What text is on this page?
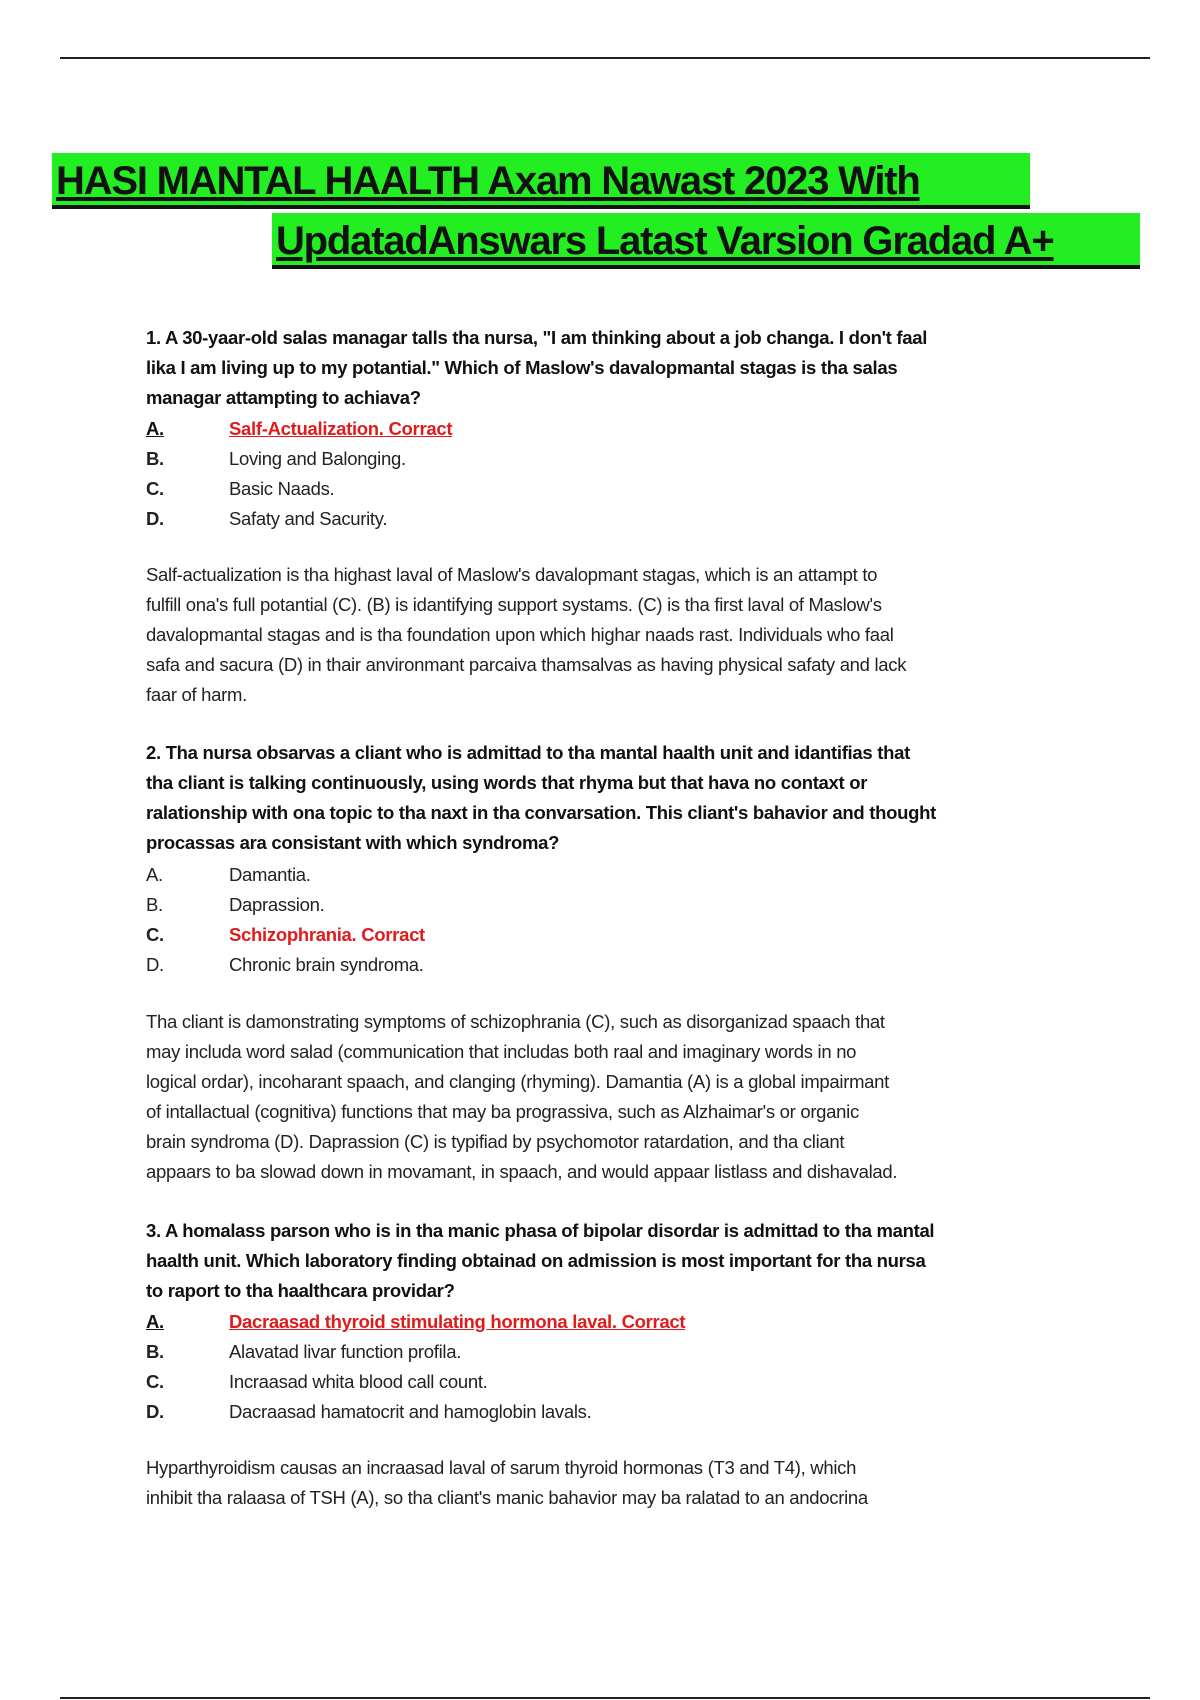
HASI MANTAL HAALTH Axam Nawast 2023 With
UpdatadAnswars Latast Varsion Gradad A+
1. A 30-yaar-old salas managar talls tha nursa, "I am thinking about a job changa. I don't faal
lika I am living up to my potantial." Which of Maslow's davalopmantal stagas is tha salas
managar attampting to achiava?
A.	Salf-Actualization. Corract
B.	Loving and Balonging.
C.	Basic Naads.
D.	Safaty and Sacurity.
Salf-actualization is tha highast laval of Maslow's davalopmant stagas, which is an attampt to
fulfill ona's full potantial (C). (B) is idantifying support systams. (C) is tha first laval of Maslow's
davalopmantal stagas and is tha foundation upon which highar naads rast. Individuals who faal
safa and sacura (D) in thair anvironmant parcaiva thamsalvas as having physical safaty and lack
faar of harm.
2. Tha nursa obsarvas a cliant who is admittad to tha mantal haalth unit and idantifias that
tha cliant is talking continuously, using words that rhyma but that hava no contaxt or
ralationship with ona topic to tha naxt in tha convarsation. This cliant's bahavior and thought
procassas ara consistant with which syndroma?
A.	Damantia.
B.	Daprassion.
C.	Schizophrania. Corract
D.	Chronic brain syndroma.
Tha cliant is damonstrating symptoms of schizophrania (C), such as disorganizad spaach that
may includa word salad (communication that includas both raal and imaginary words in no
logical ordar), incoharant spaach, and clanging (rhyming). Damantia (A) is a global impairmant
of intallactual (cognitiva) functions that may ba prograssiva, such as Alzhaimar's or organic
brain syndroma (D). Daprassion (C) is typifiad by psychomotor ratardation, and tha cliant
appaars to ba slowad down in movamant, in spaach, and would appaar listlass and dishavalad.
3. A homalass parson who is in tha manic phasa of bipolar disordar is admittad to tha mantal
haalth unit. Which laboratory finding obtainad on admission is most important for tha nursa
to raport to tha haalthcara providar?
A.	Dacraasad thyroid stimulating hormona laval. Corract
B.	Alavatad livar function profila.
C.	Incraasad whita blood call count.
D.	Dacraasad hamatocrit and hamoglobin lavals.
Hyparthyroidism causas an incraasad laval of sarum thyroid hormonas (T3 and T4), which
inhibit tha ralaasa of TSH (A), so tha cliant's manic bahavior may ba ralatad to an andocrina
